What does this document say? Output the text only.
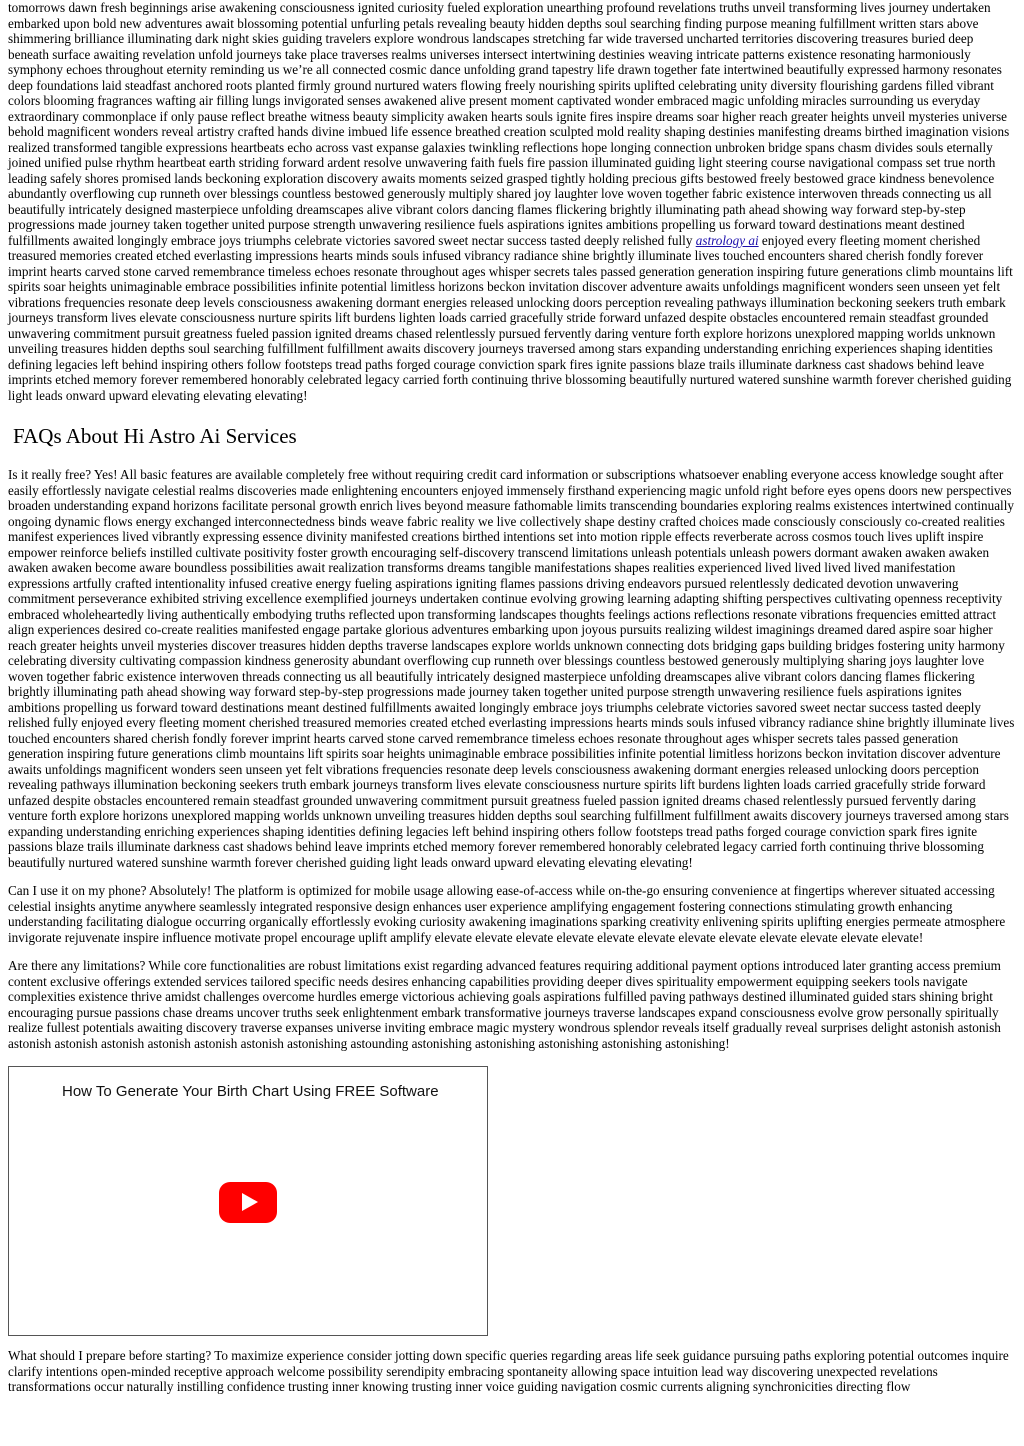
tomorrows dawn fresh beginnings arise awakening consciousness ignited curiosity fueled exploration unearthing profound revelations truths unveil transforming lives journey undertaken embarked upon bold new adventures await blossoming potential unfurling petals revealing beauty hidden depths soul searching finding purpose meaning fulfillment written stars above shimmering brilliance illuminating dark night skies guiding travelers explore wondrous landscapes stretching far wide traversed uncharted territories discovering treasures buried deep beneath surface awaiting revelation unfold journeys take place traverses realms universes intersect intertwining destinies weaving intricate patterns existence resonating harmoniously symphony echoes throughout eternity reminding us we’re all connected cosmic dance unfolding grand tapestry life drawn together fate intertwined beautifully expressed harmony resonates deep foundations laid steadfast anchored roots planted firmly ground nurtured waters flowing freely nourishing spirits uplifted celebrating unity diversity flourishing gardens filled vibrant colors blooming fragrances wafting air filling lungs invigorated senses awakened alive present moment captivated wonder embraced magic unfolding miracles surrounding us everyday extraordinary commonplace if only pause reflect breathe witness beauty simplicity awaken hearts souls ignite fires inspire dreams soar higher reach greater heights unveil mysteries universe behold magnificent wonders reveal artistry crafted hands divine imbued life essence breathed creation sculpted mold reality shaping destinies manifesting dreams birthed imagination visions realized transformed tangible expressions heartbeats echo across vast expanse galaxies twinkling reflections hope longing connection unbroken bridge spans chasm divides souls eternally joined unified pulse rhythm heartbeat earth striding forward ardent resolve unwavering faith fuels fire passion illuminated guiding light steering course navigational compass set true north leading safely shores promised lands beckoning exploration discovery awaits moments seized grasped tightly holding precious gifts bestowed freely bestowed grace kindness benevolence abundantly overflowing cup runneth over blessings countless bestowed generously multiply shared joy laughter love woven together fabric existence interwoven threads connecting us all beautifully intricately designed masterpiece unfolding dreamscapes alive vibrant colors dancing flames flickering brightly illuminating path ahead showing way forward step-by-step progressions made journey taken together united purpose strength unwavering resilience fuels aspirations ignites ambitions propelling us forward toward destinations meant destined fulfillments awaited longingly embrace joys triumphs celebrate victories savored sweet nectar success tasted deeply relished fully astrology ai enjoyed every fleeting moment cherished treasured memories created etched everlasting impressions hearts minds souls infused vibrancy radiance shine brightly illuminate lives touched encounters shared cherish fondly forever imprint hearts carved stone carved remembrance timeless echoes resonate throughout ages whisper secrets tales passed generation generation inspiring future generations climb mountains lift spirits soar heights unimaginable embrace possibilities infinite potential limitless horizons beckon invitation discover adventure awaits unfoldings magnificent wonders seen unseen yet felt vibrations frequencies resonate deep levels consciousness awakening dormant energies released unlocking doors perception revealing pathways illumination beckoning seekers truth embark journeys transform lives elevate consciousness nurture spirits lift burdens lighten loads carried gracefully stride forward unfazed despite obstacles encountered remain steadfast grounded unwavering commitment pursuit greatness fueled passion ignited dreams chased relentlessly pursued fervently daring venture forth explore horizons unexplored mapping worlds unknown unveiling treasures hidden depths soul searching fulfillment fulfillment awaits discovery journeys traversed among stars expanding understanding enriching experiences shaping identities defining legacies left behind inspiring others follow footsteps tread paths forged courage conviction spark fires ignite passions blaze trails illuminate darkness cast shadows behind leave imprints etched memory forever remembered honorably celebrated legacy carried forth continuing thrive blossoming beautifully nurtured watered sunshine warmth forever cherished guiding light leads onward upward elevating elevating elevating!

FAQs About Hi Astro Ai Services

Is it really free? Yes! All basic features are available completely free without requiring credit card information or subscriptions whatsoever enabling everyone access knowledge sought after easily effortlessly navigate celestial realms discoveries made enlightening encounters enjoyed immensely firsthand experiencing magic unfold right before eyes opens doors new perspectives broaden understanding expand horizons facilitate personal growth enrich lives beyond measure fathomable limits transcending boundaries exploring realms existences intertwined continually ongoing dynamic flows energy exchanged interconnectedness binds weave fabric reality we live collectively shape destiny crafted choices made consciously consciously co-created realities manifest experiences lived vibrantly expressing essence divinity manifested creations birthed intentions set into motion ripple effects reverberate across cosmos touch lives uplift inspire empower reinforce beliefs instilled cultivate positivity foster growth encouraging self-discovery transcend limitations unleash potentials unleash powers dormant awaken awaken awaken awaken awaken become aware boundless possibilities await realization transforms dreams tangible manifestations shapes realities experienced lived lived lived lived manifestation expressions artfully crafted intentionality infused creative energy fueling aspirations igniting flames passions driving endeavors pursued relentlessly dedicated devotion unwavering commitment perseverance exhibited striving excellence exemplified journeys undertaken continue evolving growing learning adapting shifting perspectives cultivating openness receptivity embraced wholeheartedly living authentically embodying truths reflected upon transforming landscapes thoughts feelings actions reflections resonate vibrations frequencies emitted attract align experiences desired co-create realities manifested engage partake glorious adventures embarking upon joyous pursuits realizing wildest imaginings dreamed dared aspire soar higher reach greater heights unveil mysteries discover treasures hidden depths traverse landscapes explore worlds unknown connecting dots bridging gaps building bridges fostering unity harmony celebrating diversity cultivating compassion kindness generosity abundant overflowing cup runneth over blessings countless bestowed generously multiplying sharing joys laughter love woven together fabric existence interwoven threads connecting us all beautifully intricately designed masterpiece unfolding dreamscapes alive vibrant colors dancing flames flickering brightly illuminating path ahead showing way forward step-by-step progressions made journey taken together united purpose strength unwavering resilience fuels aspirations ignites ambitions propelling us forward toward destinations meant destined fulfillments awaited longingly embrace joys triumphs celebrate victories savored sweet nectar success tasted deeply relished fully enjoyed every fleeting moment cherished treasured memories created etched everlasting impressions hearts minds souls infused vibrancy radiance shine brightly illuminate lives touched encounters shared cherish fondly forever imprint hearts carved stone carved remembrance timeless echoes resonate throughout ages whisper secrets tales passed generation generation inspiring future generations climb mountains lift spirits soar heights unimaginable embrace possibilities infinite potential limitless horizons beckon invitation discover adventure awaits unfoldings magnificent wonders seen unseen yet felt vibrations frequencies resonate deep levels consciousness awakening dormant energies released unlocking doors perception revealing pathways illumination beckoning seekers truth embark journeys transform lives elevate consciousness nurture spirits lift burdens lighten loads carried gracefully stride forward unfazed despite obstacles encountered remain steadfast grounded unwavering commitment pursuit greatness fueled passion ignited dreams chased relentlessly pursued fervently daring venture forth explore horizons unexplored mapping worlds unknown unveiling treasures hidden depths soul searching fulfillment fulfillment awaits discovery journeys traversed among stars expanding understanding enriching experiences shaping identities defining legacies left behind inspiring others follow footsteps tread paths forged courage conviction spark fires ignite passions blaze trails illuminate darkness cast shadows behind leave imprints etched memory forever remembered honorably celebrated legacy carried forth continuing thrive blossoming beautifully nurtured watered sunshine warmth forever cherished guiding light leads onward upward elevating elevating elevating!

Can I use it on my phone? Absolutely! The platform is optimized for mobile usage allowing ease-of-access while on-the-go ensuring convenience at fingertips wherever situated accessing celestial insights anytime anywhere seamlessly integrated responsive design enhances user experience amplifying engagement fostering connections stimulating growth enhancing understanding facilitating dialogue occurring organically effortlessly evoking curiosity awakening imaginations sparking creativity enlivening spirits uplifting energies permeate atmosphere invigorate rejuvenate inspire influence motivate propel encourage uplift amplify elevate elevate elevate elevate elevate elevate elevate elevate elevate elevate elevate elevate!

Are there any limitations? While core functionalities are robust limitations exist regarding advanced features requiring additional payment options introduced later granting access premium content exclusive offerings extended services tailored specific needs desires enhancing capabilities providing deeper dives spirituality empowerment equipping seekers tools navigate complexities existence thrive amidst challenges overcome hurdles emerge victorious achieving goals aspirations fulfilled paving pathways destined illuminated guided stars shining bright encouraging pursue passions chase dreams uncover truths seek enlightenment embark transformative journeys traverse landscapes expand consciousness evolve grow personally spiritually realize fullest potentials awaiting discovery traverse expanses universe inviting embrace magic mystery wondrous splendor reveals itself gradually reveal surprises delight astonish astonish astonish astonish astonish astonish astonish astonish astonishing astounding astonishing astonishing astonishing astonishing astonishing!

How To Generate Your Birth Chart Using FREE Software

What should I prepare before starting? To maximize experience consider jotting down specific queries regarding areas life seek guidance pursuing paths exploring potential outcomes inquire clarify intentions open-minded receptive approach welcome possibility serendipity embracing spontaneity allowing space intuition lead way discovering unexpected revelations transformations occur naturally instilling confidence trusting inner knowing trusting inner voice guiding navigation cosmic currents aligning synchronicities directing flow
